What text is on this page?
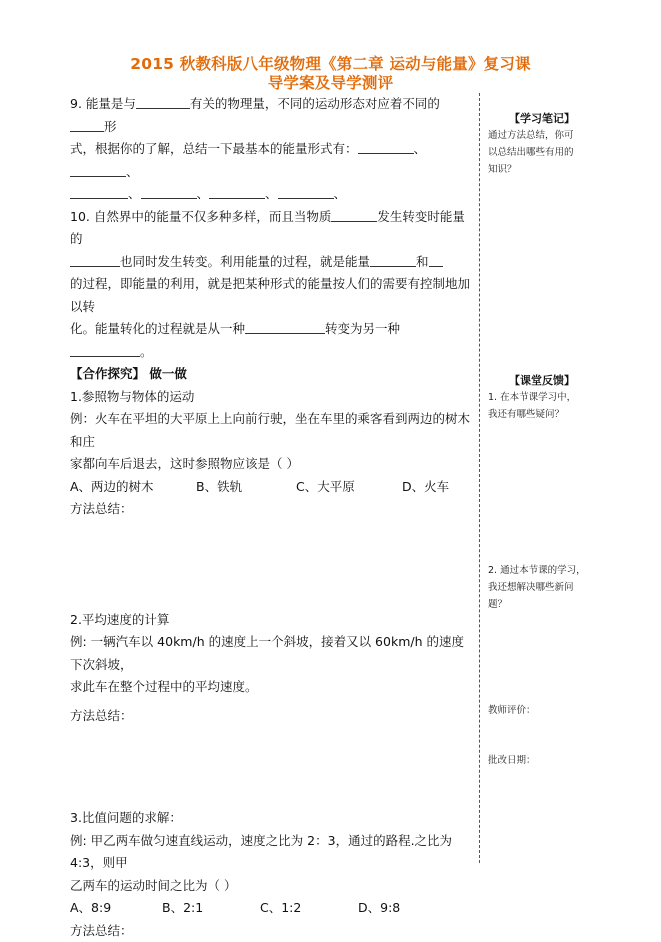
2015 秋教科版八年级物理《第二章 运动与能量》复习课
导学案及导学测评

9. 能量是与	有关的物理量，不同的运动形态对应着不同的形

式，根据你的了解，总结一下最基本的能量形式有：	、、

、	、	、	、

10. 自然界中的能量不仅多种多样，而且当物质	发生转变时能量的

也同时发生转变。利用能量的过程，就是能量	和

的过程，即能量的利用，就是把某种形式的能量按人们的需要有控制地加以转

化。能量转化的过程就是从一种	转变为另一种。

【合作探究】 做一做

1.参照物与物体的运动

例：火车在平坦的大平原上上向前行驶，坐在车里的乘客看到两边的树木和庄

家都向车后退去，这时参照物应该是（ ）

A、两边的树木	B、铁轨	C、大平原	D、火车

方法总结：

2.平均速度的计算

例: 一辆汽车以 40km/h 的速度上一个斜坡，接着又以 60km/h 的速度下次斜坡，

求此车在整个过程中的平均速度。

方法总结：

3.比值问题的求解：

例: 甲乙两车做匀速直线运动，速度之比为 2：3，通过的路程.之比为 4:3，则甲

乙两车的运动时间之比为（ ）

A、8:9	B、2:1	C、1:2	D、9:8

方法总结：

【学习笔记】
通过方法总结，你可
以总结出哪些有用的
知识？
【课堂反馈】
1. 在本节课学习中，
我还有哪些疑问？
2. 通过本节课的学习，
我还想解决哪些新问
题？
教师评价：
批改日期：
